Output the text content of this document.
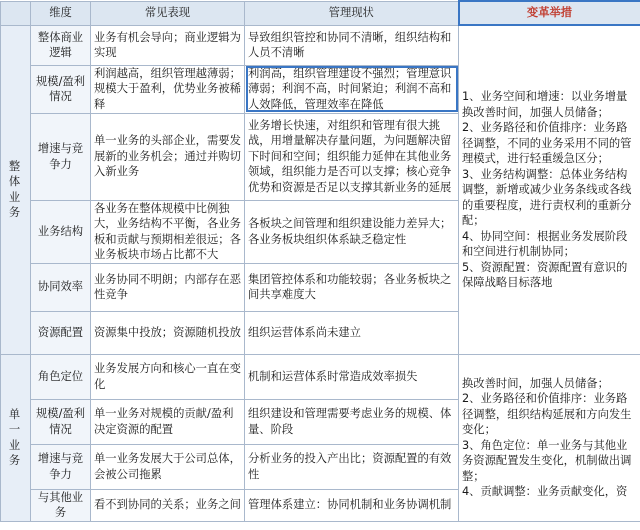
	维度	常见表现	管理现状	变革举措

整体业务	整体商业逻辑	业务有机会导向；商业逻辑为实现	导致组织管控和协同不清晰，组织结构和人员不清晰	1、业务空间和增速：以业务增量换改善时间，加强人员储备；

2、业务路径和价值排序：业务路径调整，不同的业务采用不同的管理模式，进行轻重缓急区分；

3、业务结构调整：总体业务结构调整，新增或减少业务条线或各线的重要程度，进行责权利的重新分配；

4、协同空间：根据业务发展阶段和空间进行机制协同；

5、资源配置：资源配置有意识的保障战略目标落地

	规模/盈利情况	利润越高，组织管理越薄弱；规模大于盈利，优势业务被稀释	利润高，组织管理建设不强烈；管理意识薄弱；利润不高，时间紧迫；利润不高和人效降低，管理效率在降低	
	增速与竞争力	单一业务的头部企业，需要发展新的业务机会；通过并购切入新业务	业务增长快速，对组织和管理有很大挑战，用增量解决存量问题，为问题解决留下时间和空间；组织能力延伸在其他业务领域，组织能力是否可以支撑；核心竞争优势和资源是否足以支撑其新业务的延展	
	业务结构	各业务在整体规模中比例独大，业务结构不平衡，各业务板和贡献与预期相差很远；各业务板块市场占比都不大	各板块之间管理和组织建设能力差异大；各业务板块组织体系缺乏稳定性	
	协同效率	业务协同不明朗；内部存在恶性竞争	集团管控体系和功能较弱；各业务板块之间共享难度大	
	资源配置	资源集中投放；资源随机投放	组织运营体系尚未建立	

单一业务	角色定位	业务发展方向和核心一直在变化	机制和运营体系时常造成效率损失	换改善时间，加强人员储备；

2、业务路径和价值排序：业务路径调整，组织结构延展和方向发生变化；

3、角色定位：单一业务与其他业务资源配置发生变化，机制做出调整；

4、贡献调整：业务贡献变化，资

	规模/盈利情况	单一业务对规模的贡献/盈利决定资源的配置	组织建设和管理需要考虑业务的规模、体量、阶段	
	增速与竞争力	单一业务发展大于公司总体，会被公司拖累	分析业务的投入产出比；资源配置的有效性	
	与其他业务	看不到协同的关系；业务之间	管理体系建立：协同机制和业务协调机制	
